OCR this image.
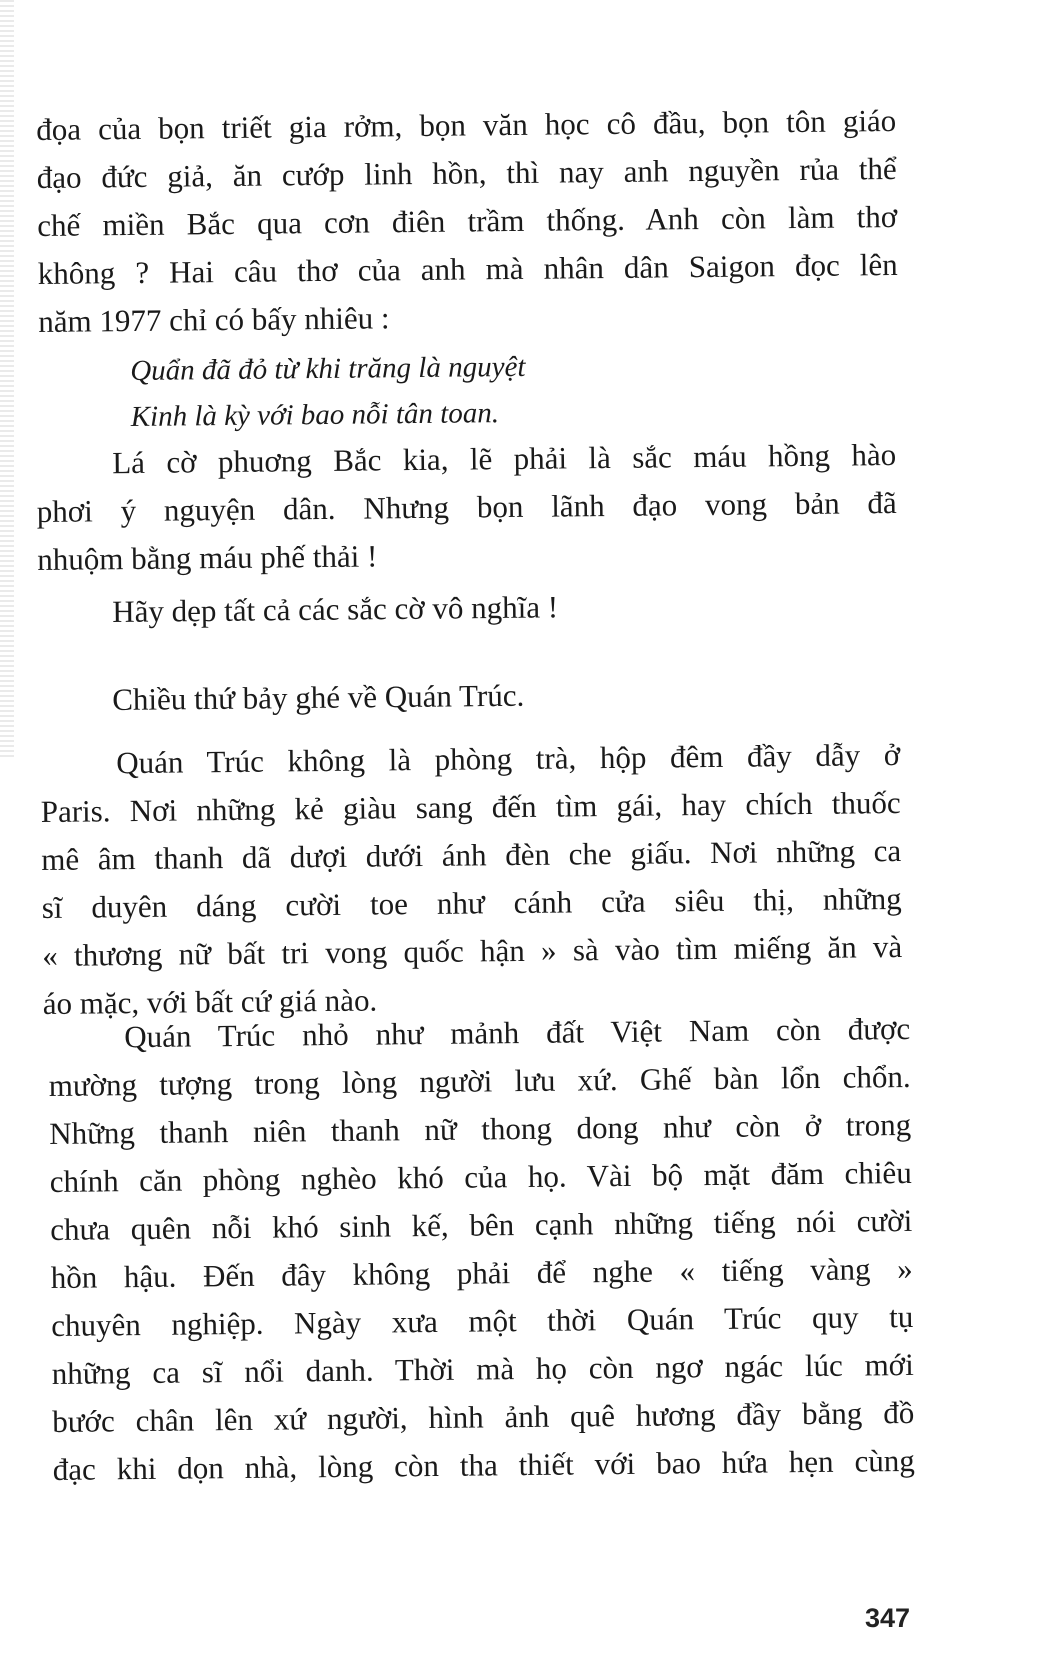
đọa của bọn triết gia rởm, bọn văn học cô đầu, bọn tôn giáo
đạo đức giả, ăn cướp linh hồn, thì nay anh nguyền rủa thể
chế miền Bắc qua cơn điên trầm thống. Anh còn làm thơ
không ? Hai câu thơ của anh mà nhân dân Saigon đọc lên
năm 1977 chỉ có bấy nhiêu :
Quẩn đã đỏ từ khi trăng là nguyệt
Kinh là kỳ với bao nỗi tân toan.
Lá cờ phuơng Bắc kia, lẽ phải là sắc máu hồng hào
phơi ý nguyện dân. Nhưng bọn lãnh đạo vong bản đã
nhuộm bằng máu phế thải !
Hãy dẹp tất cả các sắc cờ vô nghĩa !
Chiều thứ bảy ghé về Quán Trúc.
Quán Trúc không là phòng trà, hộp đêm đầy dẫy ở
Paris. Nơi những kẻ giàu sang đến tìm gái, hay chích thuốc
mê âm thanh dã dượi dưới ánh đèn che giấu. Nơi những ca
sĩ duyên dáng cười toe như cánh cửa siêu thị, những
« thương nữ bất tri vong quốc hận » sà vào tìm miếng ăn và
áo mặc, với bất cứ giá nào.
Quán Trúc nhỏ như mảnh đất Việt Nam còn được
mường tượng trong lòng người lưu xứ. Ghế bàn lổn chổn.
Những thanh niên thanh nữ thong dong như còn ở trong
chính căn phòng nghèo khó của họ. Vài bộ mặt đăm chiêu
chưa quên nỗi khó sinh kế, bên cạnh những tiếng nói cười
hồn hậu. Đến đây không phải để nghe « tiếng vàng »
chuyên nghiệp. Ngày xưa một thời Quán Trúc quy tụ
những ca sĩ nổi danh. Thời mà họ còn ngơ ngác lúc mới
bước chân lên xứ người, hình ảnh quê hương đầy bằng đồ
đạc khi dọn nhà, lòng còn tha thiết với bao hứa hẹn cùng
347
